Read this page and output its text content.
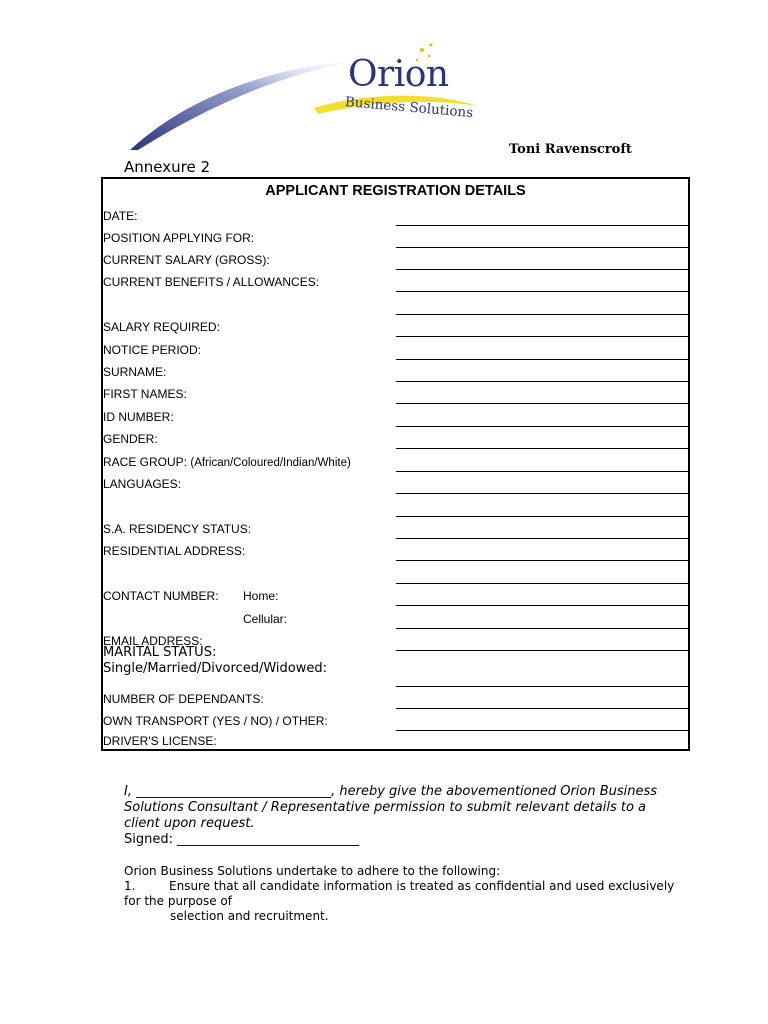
Orion
Business Solutions
Toni Ravenscroft
Annexure 2
APPLICANT REGISTRATION DETAILS
DATE:
POSITION APPLYING FOR:
CURRENT SALARY (GROSS):
CURRENT BENEFITS / ALLOWANCES:
SALARY REQUIRED:
NOTICE PERIOD:
SURNAME:
FIRST NAMES:
ID NUMBER:
GENDER:
RACE GROUP: (African/Coloured/Indian/White)
LANGUAGES:
S.A. RESIDENCY STATUS:
RESIDENTIAL ADDRESS:
CONTACT NUMBER: Home:
Cellular:
EMAIL ADDRESS:
MARITAL STATUS:
Single/Married/Divorced/Widowed:
NUMBER OF DEPENDANTS:
OWN TRANSPORT (YES / NO) / OTHER:
DRIVER'S LICENSE:
I, ______________________________, hereby give the abovementioned Orion Business Solutions Consultant / Representative permission to submit relevant details to a client upon request.
Signed: ____________________________
Orion Business Solutions undertake to adhere to the following:
1.	Ensure that all candidate information is treated as confidential and used exclusively for the purpose of
selection and recruitment.
